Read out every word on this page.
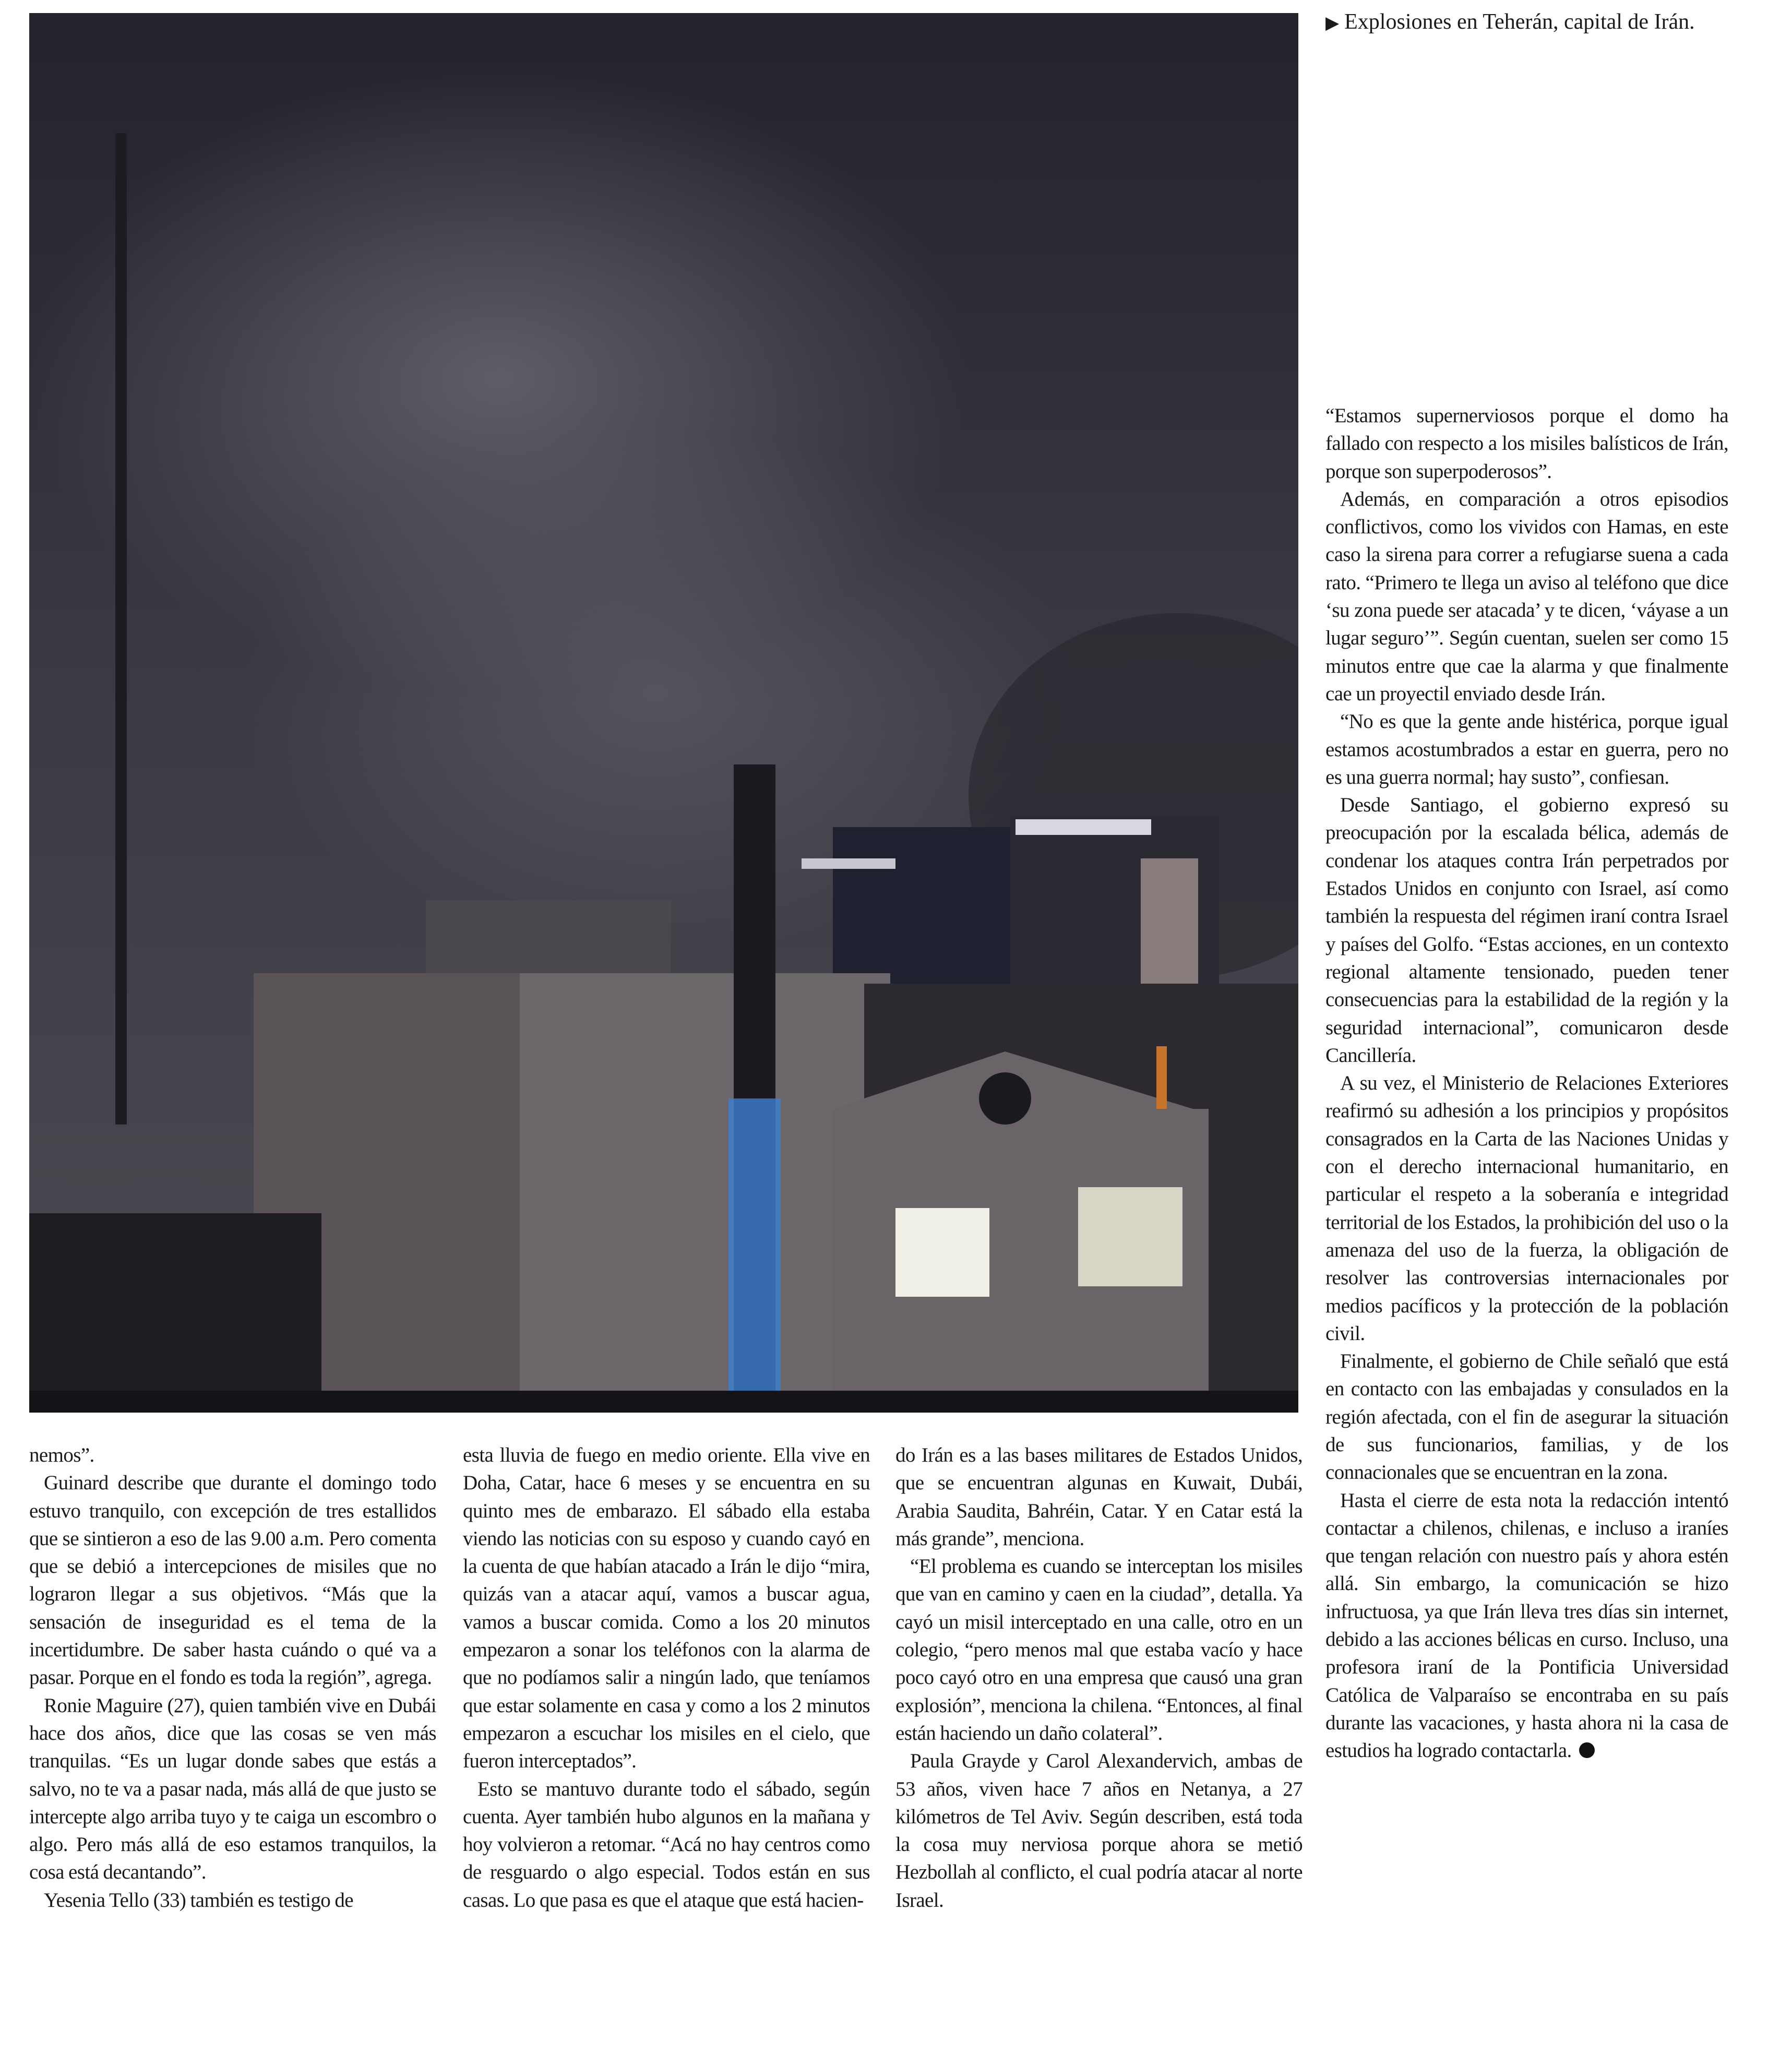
▶ Explosiones en Teherán, capital de Irán.

nemos”.

Guinard describe que durante el domingo todo estuvo tranquilo, con excepción de tres estallidos que se sintieron a eso de las 9.00 a.m. Pero comenta que se debió a intercepciones de misiles que no lograron llegar a sus objetivos. “Más que la sensación de inseguridad es el tema de la incertidumbre. De saber hasta cuándo o qué va a pasar. Porque en el fondo es toda la región”, agrega.

Ronie Maguire (27), quien también vive en Dubái hace dos años, dice que las cosas se ven más tranquilas. “Es un lugar donde sabes que estás a salvo, no te va a pasar nada, más allá de que justo se intercepte algo arriba tuyo y te caiga un escombro o algo. Pero más allá de eso estamos tranquilos, la cosa está decantando”.

Yesenia Tello (33) también es testigo de

esta lluvia de fuego en medio oriente. Ella vive en Doha, Catar, hace 6 meses y se encuentra en su quinto mes de embarazo. El sábado ella estaba viendo las noticias con su esposo y cuando cayó en la cuenta de que habían atacado a Irán le dijo “mira, quizás van a atacar aquí, vamos a buscar agua, vamos a buscar comida. Como a los 20 minutos empezaron a sonar los teléfonos con la alarma de que no podíamos salir a ningún lado, que teníamos que estar solamente en casa y como a los 2 minutos empezaron a escuchar los misiles en el cielo, que fueron interceptados”.

Esto se mantuvo durante todo el sábado, según cuenta. Ayer también hubo algunos en la mañana y hoy volvieron a retomar. “Acá no hay centros como de resguardo o algo especial. Todos están en sus casas. Lo que pasa es que el ataque que está hacien-

do Irán es a las bases militares de Estados Unidos, que se encuentran algunas en Kuwait, Dubái, Arabia Saudita, Bahréin, Catar. Y en Catar está la más grande”, menciona.

“El problema es cuando se interceptan los misiles que van en camino y caen en la ciudad”, detalla. Ya cayó un misil interceptado en una calle, otro en un colegio, “pero menos mal que estaba vacío y hace poco cayó otro en una empresa que causó una gran explosión”, menciona la chilena. “Entonces, al final están haciendo un daño colateral”.

Paula Grayde y Carol Alexandervich, ambas de 53 años, viven hace 7 años en Netanya, a 27 kilómetros de Tel Aviv. Según describen, está toda la cosa muy nerviosa porque ahora se metió Hezbollah al conflicto, el cual podría atacar al norte Israel.

“Estamos supernerviosos porque el domo ha fallado con respecto a los misiles balísticos de Irán, porque son superpoderosos”.

Además, en comparación a otros episodios conflictivos, como los vividos con Hamas, en este caso la sirena para correr a refugiarse suena a cada rato. “Primero te llega un aviso al teléfono que dice ‘su zona puede ser atacada’ y te dicen, ‘váyase a un lugar seguro’”. Según cuentan, suelen ser como 15 minutos entre que cae la alarma y que finalmente cae un proyectil enviado desde Irán.

“No es que la gente ande histérica, porque igual estamos acostumbrados a estar en guerra, pero no es una guerra normal; hay susto”, confiesan.

Desde Santiago, el gobierno expresó su preocupación por la escalada bélica, además de condenar los ataques contra Irán perpetrados por Estados Unidos en conjunto con Israel, así como también la respuesta del régimen iraní contra Israel y países del Golfo. “Estas acciones, en un contexto regional altamente tensionado, pueden tener consecuencias para la estabilidad de la región y la seguridad internacional”, comunicaron desde Cancillería.

A su vez, el Ministerio de Relaciones Exteriores reafirmó su adhesión a los principios y propósitos consagrados en la Carta de las Naciones Unidas y con el derecho internacional humanitario, en particular el respeto a la soberanía e integridad territorial de los Estados, la prohibición del uso o la amenaza del uso de la fuerza, la obligación de resolver las controversias internacionales por medios pacíficos y la protección de la población civil.

Finalmente, el gobierno de Chile señaló que está en contacto con las embajadas y consulados en la región afectada, con el fin de asegurar la situación de sus funcionarios, familias, y de los connacionales que se encuentran en la zona.

Hasta el cierre de esta nota la redacción intentó contactar a chilenos, chilenas, e incluso a iraníes que tengan relación con nuestro país y ahora estén allá. Sin embargo, la comunicación se hizo infructuosa, ya que Irán lleva tres días sin internet, debido a las acciones bélicas en curso. Incluso, una profesora iraní de la Pontificia Universidad Católica de Valparaíso se encontraba en su país durante las vacaciones, y hasta ahora ni la casa de estudios ha logrado contactarla.
